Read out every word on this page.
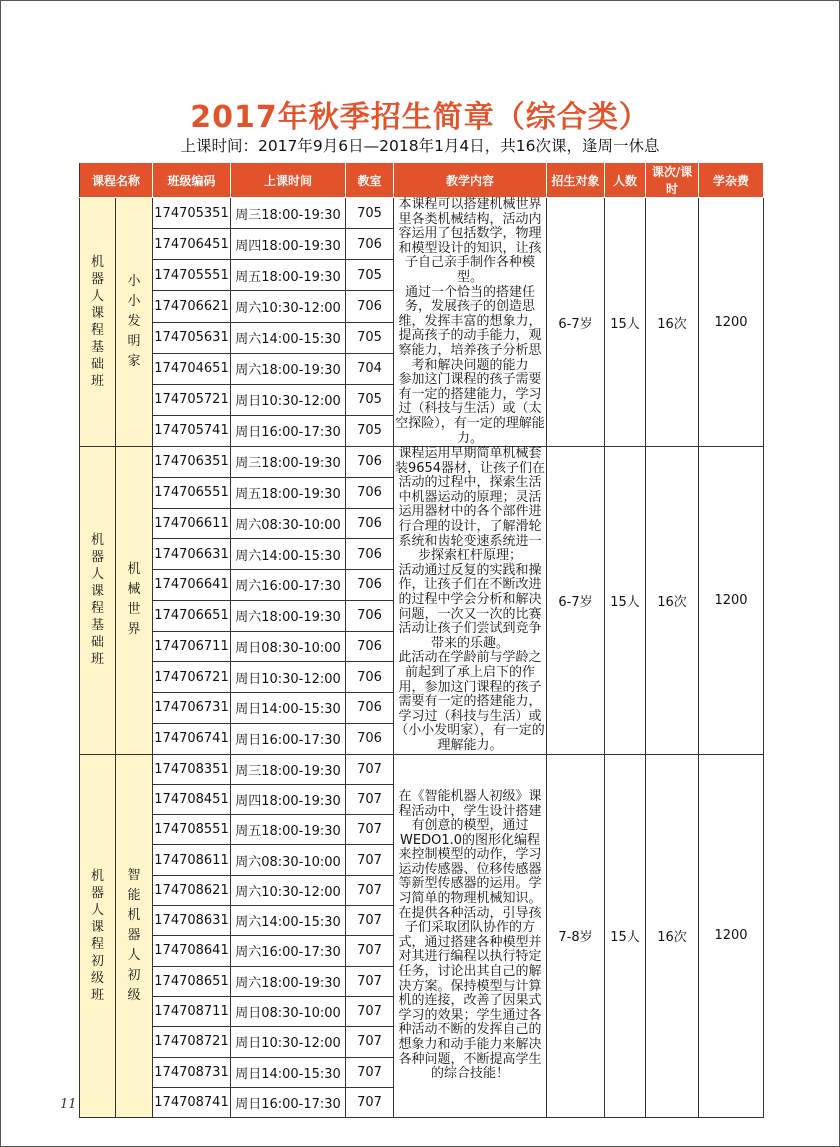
2017年秋季招生简章（综合类）
上课时间：2017年9月6日—2018年1月4日，共16次课，逢周一休息
课程名称		班级编码	上课时间	教室	教学内容	招生对象	人数	课次/课时	学杂费
机器人课程基础班	小小发明家	174705351	周三18:00-19:30	705	本课程可以搭建机械世界里各类机械结构，活动内容运用了包括数学，物理和模型设计的知识，让孩子自己亲手制作各种模型。
通过一个恰当的搭建任务，发展孩子的创造思维，发挥丰富的想象力，提高孩子的动手能力，观察能力，培养孩子分析思考和解决问题的能力
参加这门课程的孩子需要有一定的搭建能力，学习过（科技与生活）或（太空探险），有一定的理解能力。	6-7岁	15人	16次	1200
		174706451	周四18:00-19:30	706					
		174705551	周五18:00-19:30	705					
		174706621	周六10:30-12:00	706					
		174705631	周六14:00-15:30	705					
		174704651	周六18:00-19:30	704					
		174705721	周日10:30-12:00	705					
		174705741	周日16:00-17:30	705					
机器人课程基础班	机械世界	174706351	周三18:00-19:30	706	课程运用早期简单机械套装9654器材，让孩子们在活动的过程中，探索生活中机器运动的原理；灵活运用器材中的各个部件进行合理的设计，了解滑轮系统和齿轮变速系统进一步探索杠杆原理；
活动通过反复的实践和操作，让孩子们在不断改进的过程中学会分析和解决问题，一次又一次的比赛活动让孩子们尝试到竞争带来的乐趣。
此活动在学龄前与学龄之前起到了承上启下的作用，参加这门课程的孩子需要有一定的搭建能力，学习过（科技与生活）或（小小发明家），有一定的理解能力。	6-7岁	15人	16次	1200
		174706551	周五18:00-19:30	706					
		174706611	周六08:30-10:00	706					
		174706631	周六14:00-15:30	706					
		174706641	周六16:00-17:30	706					
		174706651	周六18:00-19:30	706					
		174706711	周日08:30-10:00	706					
		174706721	周日10:30-12:00	706					
		174706731	周日14:00-15:30	706					
		174706741	周日16:00-17:30	706					
机器人课程初级班	智能机器人初级	174708351	周三18:00-19:30	707	在《智能机器人初级》课程活动中，学生设计搭建有创意的模型，通过WEDO1.0的图形化编程来控制模型的动作，学习运动传感器、位移传感器等新型传感器的运用。学习简单的物理机械知识。在提供各种活动，引导孩子们采取团队协作的方式，通过搭建各种模型并对其进行编程以执行特定任务，讨论出其自己的解决方案。保持模型与计算机的连接，改善了因果式学习的效果；学生通过各种活动不断的发挥自己的想象力和动手能力来解决各种问题，不断提高学生的综合技能！	7-8岁	15人	16次	1200
		174708451	周四18:00-19:30	707					
		174708551	周五18:00-19:30	707					
		174708611	周六08:30-10:00	707					
		174708621	周六10:30-12:00	707					
		174708631	周六14:00-15:30	707					
		174708641	周六16:00-17:30	707					
		174708651	周六18:00-19:30	707					
		174708711	周日08:30-10:00	707					
		174708721	周日10:30-12:00	707					
		174708731	周日14:00-15:30	707					
		174708741	周日16:00-17:30	707					
11
